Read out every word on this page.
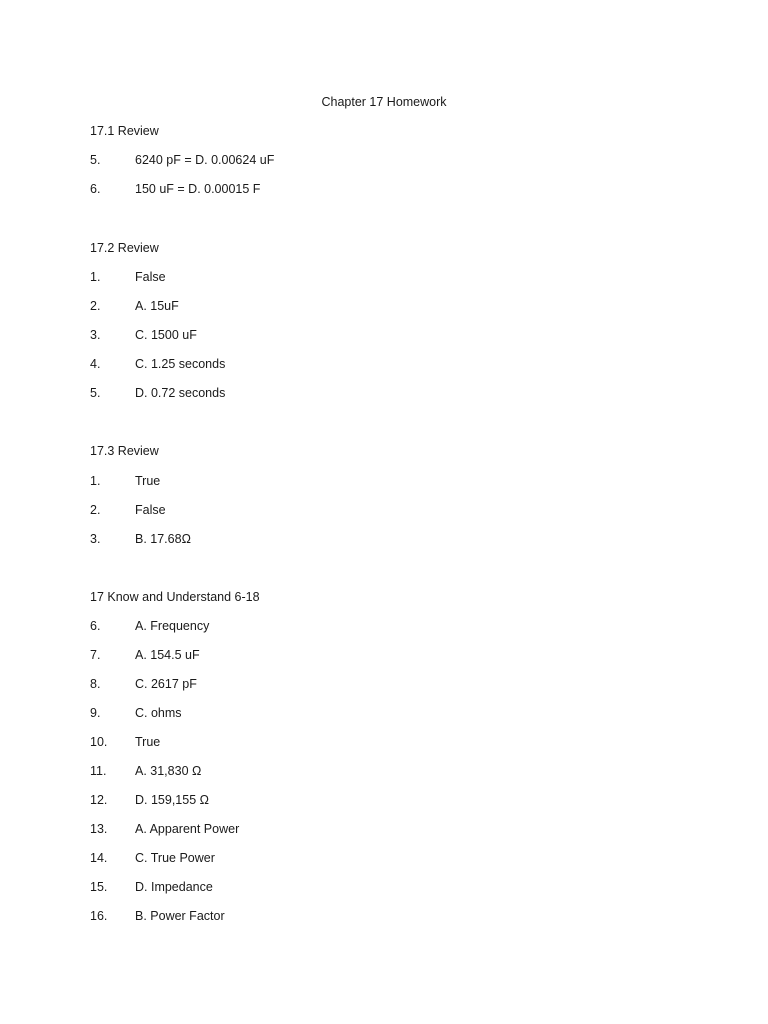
Chapter 17 Homework
17.1 Review
5.	6240 pF = D. 0.00624 uF
6.	150 uF = D. 0.00015 F
17.2 Review
1.	False
2.	A. 15uF
3.	C. 1500 uF
4.	C. 1.25 seconds
5.	D. 0.72 seconds
17.3 Review
1.	True
2.	False
3.	B. 17.68Ω
17 Know and Understand 6-18
6.	A. Frequency
7.	A. 154.5 uF
8.	C. 2617 pF
9.	C. ohms
10. True
11. A. 31,830 Ω
12. D. 159,155 Ω
13. A. Apparent Power
14. C. True Power
15. D. Impedance
16. B. Power Factor
